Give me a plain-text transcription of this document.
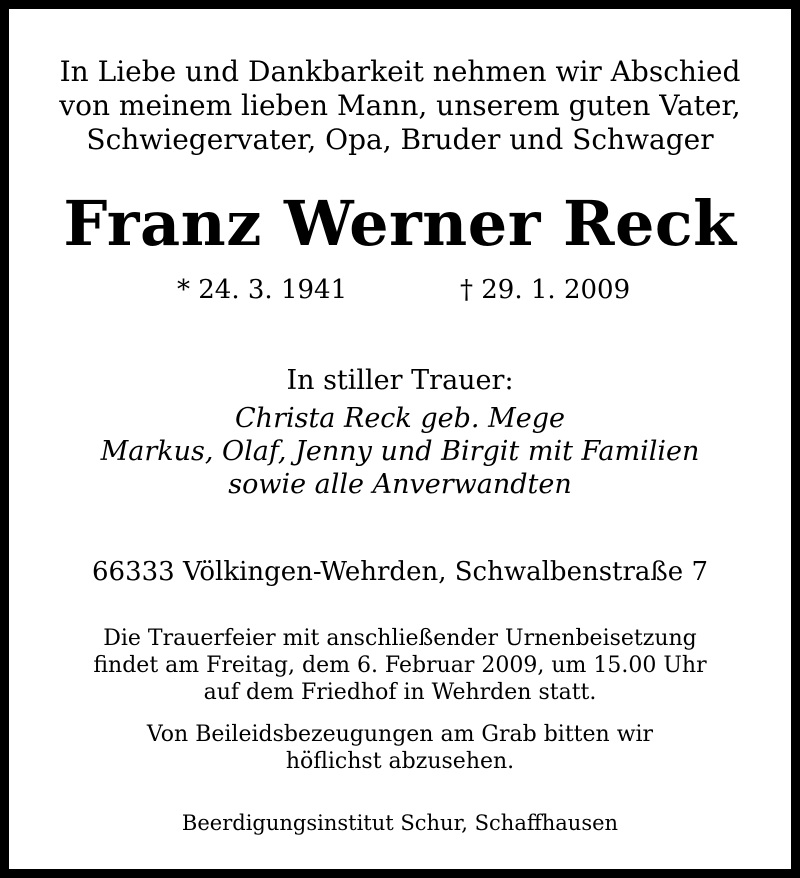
In Liebe und Dankbarkeit nehmen wir Abschied
von meinem lieben Mann, unserem guten Vater,
Schwiegervater, Opa, Bruder und Schwager
Franz Werner Reck
* 24. 3. 1941	† 29. 1. 2009
In stiller Trauer:
Christa Reck geb. Mege
Markus, Olaf, Jenny und Birgit mit Familien
sowie alle Anverwandten
66333 Völkingen-Wehrden, Schwalbenstraße 7
Die Trauerfeier mit anschließender Urnenbeisetzung
findet am Freitag, dem 6. Februar 2009, um 15.00 Uhr
auf dem Friedhof in Wehrden statt.
Von Beileidsbezeugungen am Grab bitten wir
höflichst abzusehen.
Beerdigungsinstitut Schur, Schaffhausen
